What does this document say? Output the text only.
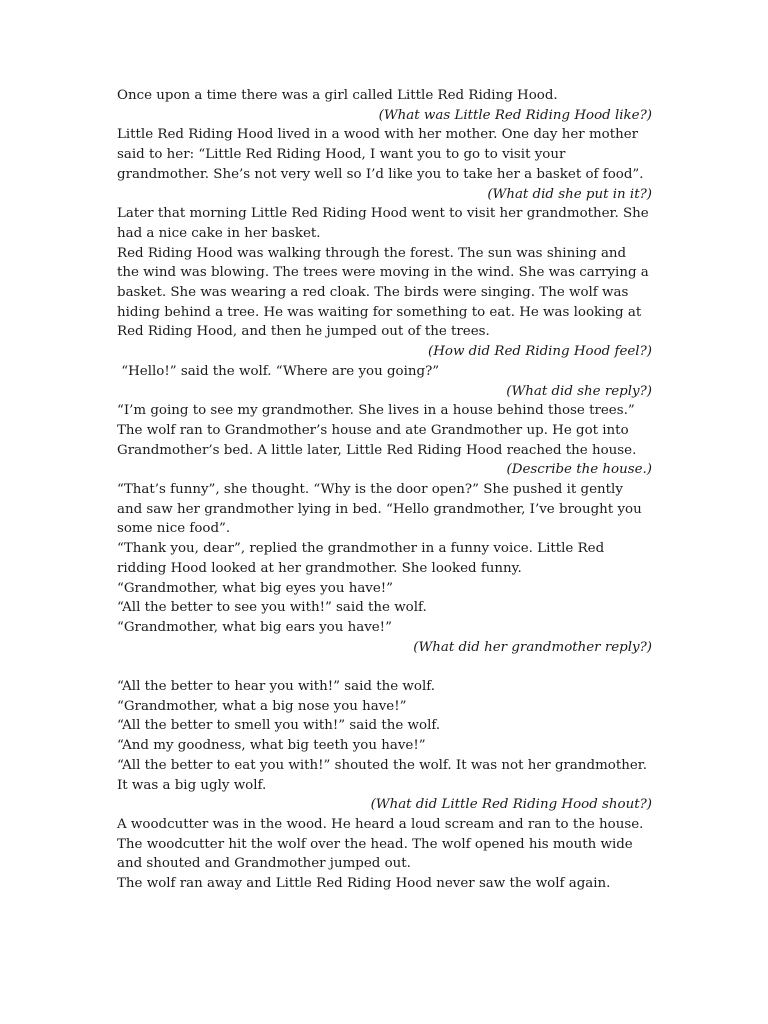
Once upon a time there was a girl called Little Red Riding Hood.

(What was Little Red Riding Hood like?)

Little Red Riding Hood lived in a wood with her mother. One day her mother said to her: “Little Red Riding Hood, I want you to go to visit your grandmother. She’s not very well so I’d like you to take her a basket of food”.

(What did she put in it?)

Later that morning Little Red Riding Hood went to visit her grandmother. She had a nice cake in her basket.

Red Riding Hood was walking through the forest. The sun was shining and the wind was blowing. The trees were moving in the wind. She was carrying a basket. She was wearing a red cloak. The birds were singing. The wolf was hiding behind a tree. He was waiting for something to eat. He was looking at Red Riding Hood, and then he jumped out of the trees.

(How did Red Riding Hood feel?)

“Hello!” said the wolf. “Where are you going?”

(What did she reply?)

“I’m going to see my grandmother. She lives in a house behind those trees.”

The wolf ran to Grandmother’s house and ate Grandmother up. He got into Grandmother’s bed. A little later, Little Red Riding Hood reached the house.

(Describe the house.)

“That’s funny”, she thought. “Why is the door open?” She pushed it gently and saw her grandmother lying in bed. “Hello grandmother, I’ve brought you some nice food”.

“Thank you, dear”, replied the grandmother in a funny voice. Little Red ridding Hood looked at her grandmother. She looked funny.

“Grandmother, what big eyes you have!”

“All the better to see you with!” said the wolf.

“Grandmother, what big ears you have!”

(What did her grandmother reply?)

“All the better to hear you with!” said the wolf.

“Grandmother, what a big nose you have!”

“All the better to smell you with!” said the wolf.

“And my goodness, what big teeth you have!”

“All the better to eat you with!” shouted the wolf. It was not her grandmother. It was a big ugly wolf.

(What did Little Red Riding Hood shout?)

A woodcutter was in the wood. He heard a loud scream and ran to the house. The woodcutter hit the wolf over the head. The wolf opened his mouth wide and shouted and Grandmother jumped out.

The wolf ran away and Little Red Riding Hood never saw the wolf again.
